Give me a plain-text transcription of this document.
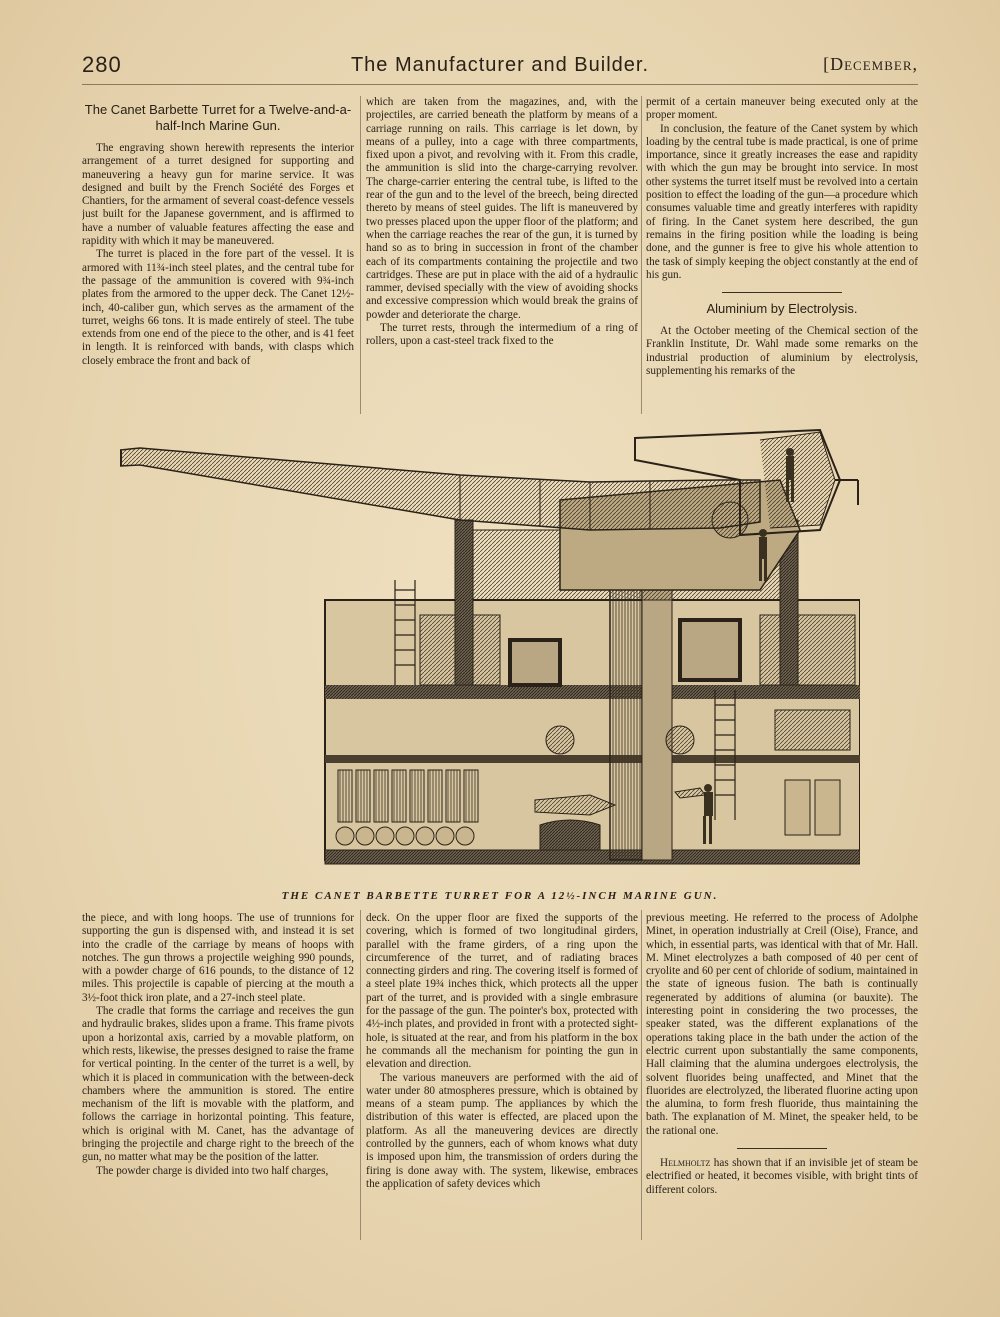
280	The Manufacturer and Builder.	[December,
The Canet Barbette Turret for a Twelve-and-a-half-Inch Marine Gun.

The engraving shown herewith represents the interior arrangement of a turret designed for supporting and maneuvering a heavy gun for marine service. It was designed and built by the French Société des Forges et Chantiers, for the armament of several coast-defence vessels just built for the Japanese government, and is affirmed to have a number of valuable features affecting the ease and rapidity with which it may be maneuvered.

The turret is placed in the fore part of the vessel. It is armored with 11¾-inch steel plates, and the central tube for the passage of the ammunition is covered with 9¾-inch plates from the armored to the upper deck. The Canet 12½-inch, 40-caliber gun, which serves as the armament of the turret, weighs 66 tons. It is made entirely of steel. The tube extends from one end of the piece to the other, and is 41 feet in length. It is reinforced with bands, with clasps which closely embrace the front and back of

which are taken from the magazines, and, with the projectiles, are carried beneath the platform by means of a carriage running on rails. This carriage is let down, by means of a pulley, into a cage with three compartments, fixed upon a pivot, and revolving with it. From this cradle, the ammunition is slid into the charge-carrying revolver. The charge-carrier entering the central tube, is lifted to the rear of the gun and to the level of the breech, being directed thereto by means of steel guides. The lift is maneuvered by two presses placed upon the upper floor of the platform; and when the carriage reaches the rear of the gun, it is turned by hand so as to bring in succession in front of the chamber each of its compartments containing the projectile and two cartridges. These are put in place with the aid of a hydraulic rammer, devised specially with the view of avoiding shocks and excessive compression which would break the grains of powder and deteriorate the charge.

The turret rests, through the intermedium of a ring of rollers, upon a cast-steel track fixed to the

permit of a certain maneuver being executed only at the proper moment.

In conclusion, the feature of the Canet system by which loading by the central tube is made practical, is one of prime importance, since it greatly increases the ease and rapidity with which the gun may be brought into service. In most other systems the turret itself must be revolved into a certain position to effect the loading of the gun—a procedure which consumes valuable time and greatly interferes with rapidity of firing. In the Canet system here described, the gun remains in the firing position while the loading is being done, and the gunner is free to give his whole attention to the task of simply keeping the object constantly at the end of his gun.

Aluminium by Electrolysis.

At the October meeting of the Chemical section of the Franklin Institute, Dr. Wahl made some remarks on the industrial production of aluminium by electrolysis, supplementing his remarks of the

THE CANET BARBETTE TURRET FOR A 12½-INCH MARINE GUN.

the piece, and with long hoops. The use of trunnions for supporting the gun is dispensed with, and instead it is set into the cradle of the carriage by means of hoops with notches. The gun throws a projectile weighing 990 pounds, with a powder charge of 616 pounds, to the distance of 12 miles. This projectile is capable of piercing at the mouth a 3½-foot thick iron plate, and a 27-inch steel plate.

The cradle that forms the carriage and receives the gun and hydraulic brakes, slides upon a frame. This frame pivots upon a horizontal axis, carried by a movable platform, on which rests, likewise, the presses designed to raise the frame for vertical pointing. In the center of the turret is a well, by which it is placed in communication with the between-deck chambers where the ammunition is stored. The entire mechanism of the lift is movable with the platform, and follows the carriage in horizontal pointing. This feature, which is original with M. Canet, has the advantage of bringing the projectile and charge right to the breech of the gun, no matter what may be the position of the latter.

The powder charge is divided into two half charges,

deck. On the upper floor are fixed the supports of the covering, which is formed of two longitudinal girders, parallel with the frame girders, of a ring upon the circumference of the turret, and of radiating braces connecting girders and ring. The covering itself is formed of a steel plate 19¾ inches thick, which protects all the upper part of the turret, and is provided with a single embrasure for the passage of the gun. The pointer's box, protected with 4½-inch plates, and provided in front with a protected sight-hole, is situated at the rear, and from his platform in the box he commands all the mechanism for pointing the gun in elevation and direction.

The various maneuvers are performed with the aid of water under 80 atmospheres pressure, which is obtained by means of a steam pump. The appliances by which the distribution of this water is effected, are placed upon the platform. As all the maneuvering devices are directly controlled by the gunners, each of whom knows what duty is imposed upon him, the transmission of orders during the firing is done away with. The system, likewise, embraces the application of safety devices which

previous meeting. He referred to the process of Adolphe Minet, in operation industrially at Creil (Oise), France, and which, in essential parts, was identical with that of Mr. Hall. M. Minet electrolyzes a bath composed of 40 per cent of cryolite and 60 per cent of chloride of sodium, maintained in the state of igneous fusion. The bath is continually regenerated by additions of alumina (or bauxite). The interesting point in considering the two processes, the speaker stated, was the different explanations of the operations taking place in the bath under the action of the electric current upon substantially the same components, Hall claiming that the alumina undergoes electrolysis, the solvent fluorides being unaffected, and Minet that the fluorides are electrolyzed, the liberated fluorine acting upon the alumina, to form fresh fluoride, thus maintaining the bath. The explanation of M. Minet, the speaker held, to be the rational one.

Helmholtz has shown that if an invisible jet of steam be electrified or heated, it becomes visible, with bright tints of different colors.
